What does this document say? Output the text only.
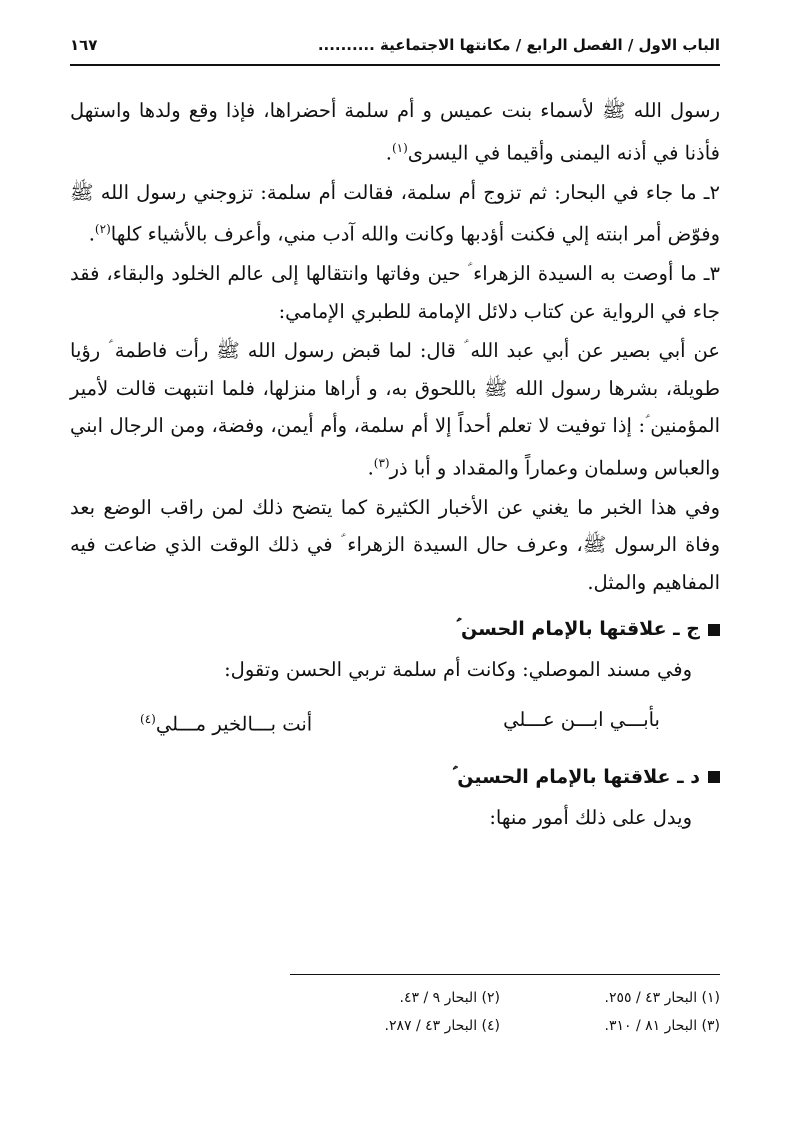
الباب الاول / الفصل الرابع / مكانتها الاجتماعية ..........
١٦٧

رسول الله ﷺ لأسماء بنت عميس و أم سلمة أحضراها، فإذا وقع ولدها واستهل فأذنا في أذنه اليمنى وأقيما في اليسرى$^{(١)}$.

٢ـ ما جاء في البحار: ثم تزوج أم سلمة، فقالت أم سلمة: تزوجني رسول الله ﷺ وفوّض أمر ابنته إلي فكنت أؤدبها وكانت والله آدب مني، وأعرف بالأشياء كلها$^{(٢)}$.

٣ـ ما أوصت به السيدة الزهراء ؑ حين وفاتها وانتقالها إلى عالم الخلود والبقاء، فقد جاء في الرواية عن كتاب دلائل الإمامة للطبري الإمامي:

عن أبي بصير عن أبي عبد الله ؑ قال: لما قبض رسول الله ﷺ رأت فاطمة ؑ رؤيا طويلة، بشرها رسول الله ﷺ باللحوق به، و أراها منزلها، فلما انتبهت قالت لأمير المؤمنين ؑ: إذا توفيت لا تعلم أحداً إلا أم سلمة، وأم أيمن، وفضة، ومن الرجال ابني والعباس وسلمان وعماراً والمقداد و أبا ذر$^{(٣)}$.

وفي هذا الخبر ما يغني عن الأخبار الكثيرة كما يتضح ذلك لمن راقب الوضع بعد وفاة الرسول ﷺ، وعرف حال السيدة الزهراء ؑ في ذلك الوقت الذي ضاعت فيه المفاهيم والمثل.

ج ـ علاقتها بالإمام الحسن ؑ

وفي مسند الموصلي: وكانت أم سلمة تربي الحسن وتقول:

بأبـــي ابـــن عـــلي
أنت بـــالخير مـــلي$^{(٤)}$
د ـ علاقتها بالإمام الحسين ؑ

ويدل على ذلك أمور منها:

(١) البحار ٤٣ / ٢٥٥.
(٢) البحار ٩ / ٤٣.
(٣) البحار ٨١ / ٣١٠.
(٤) البحار ٤٣ / ٢٨٧.
